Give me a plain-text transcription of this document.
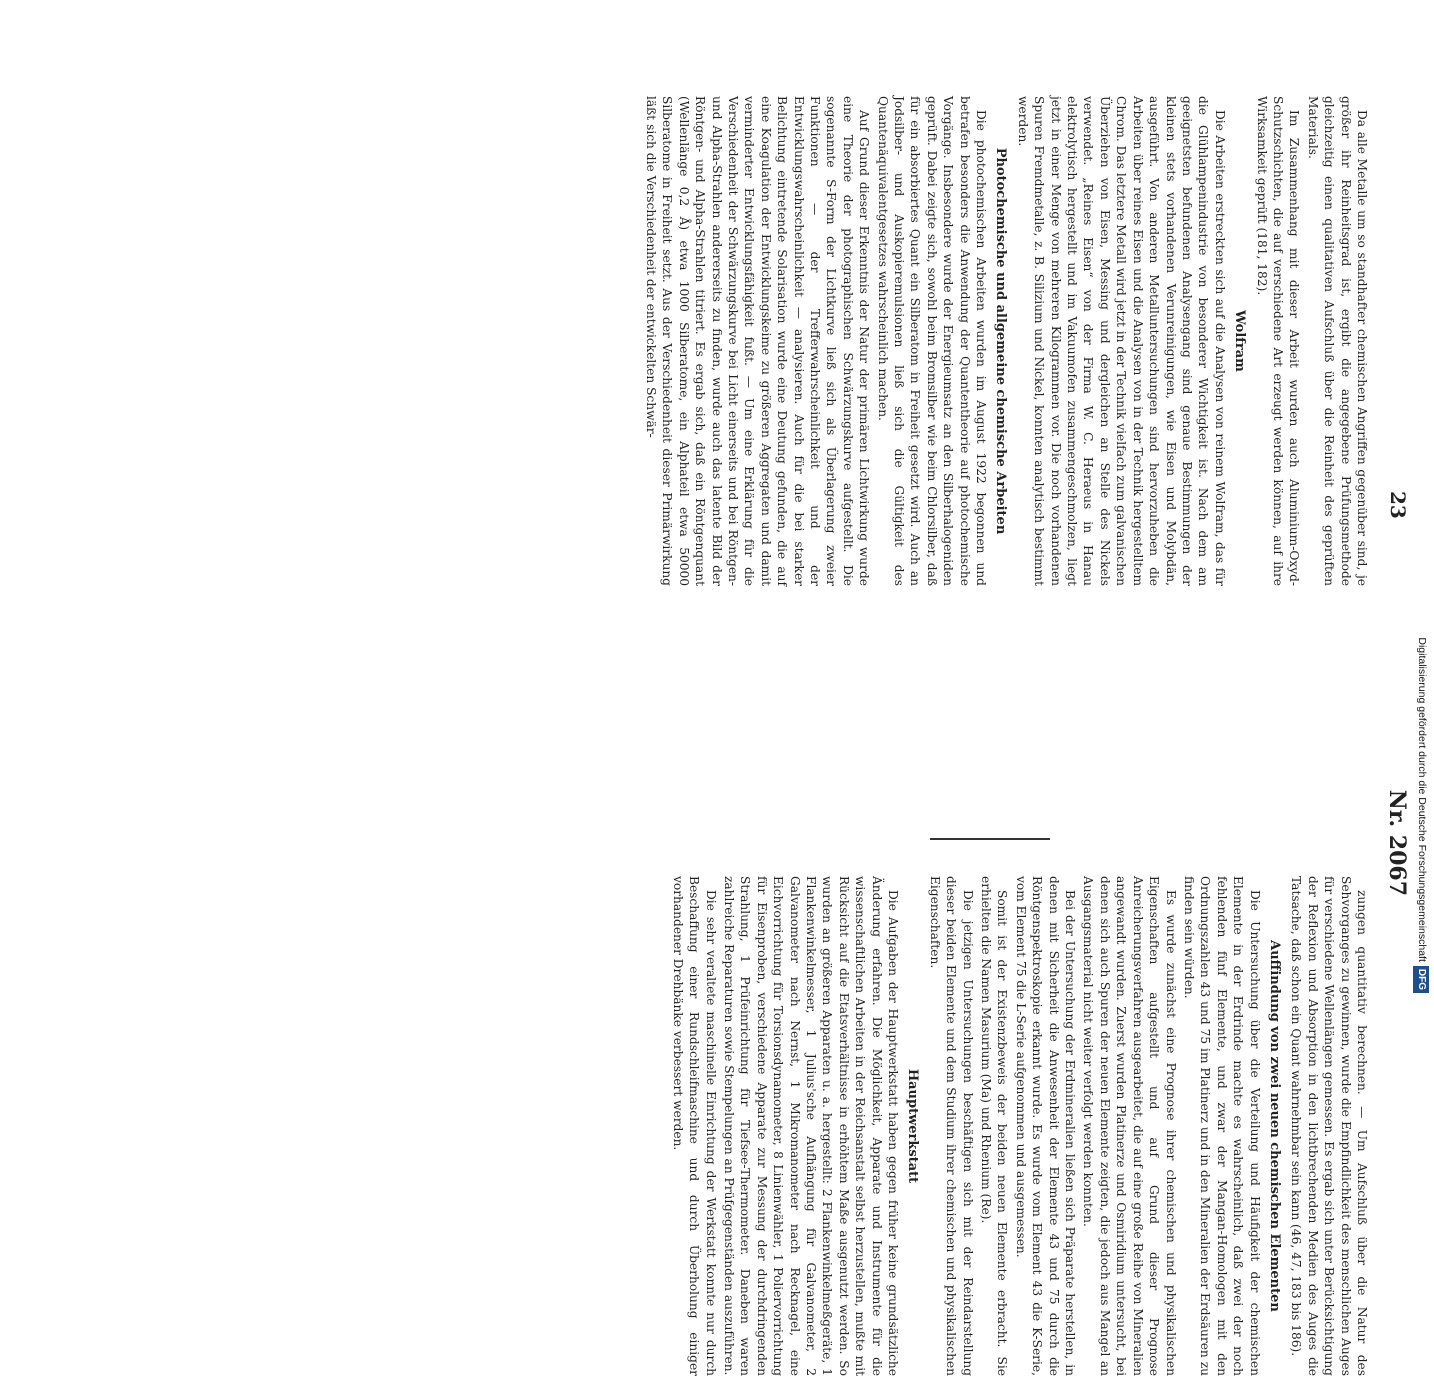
23
Nr. 2067

Da alle Metalle um so standhafter chemischen Angriffen gegenüber sind, je größer ihr Reinheitsgrad ist, ergibt die angegebene Prüfungsmethode gleichzeitig einen qualitativen Aufschluß über die Reinheit des geprüften Materials.

Im Zusammenhang mit dieser Arbeit wurden auch Aluminium-Oxyd-Schutzschichten, die auf verschiedene Art erzeugt werden können, auf ihre Wirksamkeit geprüft (181, 182).

Wolfram

Die Arbeiten erstreckten sich auf die Analysen von reinem Wolfram, das für die Glühlampenindustrie von besonderer Wichtigkeit ist. Nach dem am geeignetsten befundenen Analysengang sind genaue Bestimmungen der kleinen stets vorhandenen Verunreinigungen, wie Eisen und Molybdän, ausgeführt. Von anderen Metalluntersuchungen sind hervorzuheben die Arbeiten über reines Eisen und die Analysen von in der Technik hergestelltem Chrom. Das letztere Metall wird jetzt in der Technik vielfach zum galvanischen Überziehen von Eisen, Messing und dergleichen an Stelle des Nickels verwendet. „Reines Eisen“ von der Firma W. C. Heraeus in Hanau elektrolytisch hergestellt und im Vakuumofen zusammengeschmolzen, liegt jetzt in einer Menge von mehreren Kilogrammen vor. Die noch vorhandenen Spuren Fremdmetalle, z. B. Silizium und Nickel, konnten analytisch bestimmt werden.

Photochemische und allgemeine chemische Arbeiten

Die photochemischen Arbeiten wurden im August 1922 begonnen und betrafen besonders die Anwendung der Quantentheorie auf photochemische Vorgänge. Insbesondere wurde der Energieumsatz an den Silberhalogeniden geprüft. Dabei zeigte sich, sowohl beim Bromsilber wie beim Chlorsilber, daß für ein absorbiertes Quant ein Silberatom in Freiheit gesetzt wird. Auch an Jodsilber- und Auskopieremulsionen ließ sich die Gültigkeit des Quantenäquivalentgesetzes wahrscheinlich machen.

Auf Grund dieser Erkenntnis der Natur der primären Lichtwirkung wurde eine Theorie der photographischen Schwärzungskurve aufgestellt. Die sogenannte S-Form der Lichtkurve ließ sich als Überlagerung zweier Funktionen — der Trefferwahrscheinlichkeit und der Entwicklungswahrscheinlichkeit — analysieren. Auch für die bei starker Belichtung eintretende Solarisation wurde eine Deutung gefunden, die auf eine Koagulation der Entwicklungskeime zu größeren Aggregaten und damit verminderter Entwicklungsfähigkeit fußt. — Um eine Erklärung für die Verschiedenheit der Schwärzungskurve bei Licht einerseits und bei Röntgen- und Alpha-Strahlen andererseits zu finden, wurde auch das latente Bild der Röntgen- und Alpha-Strahlen titriert. Es ergab sich, daß ein Röntgenquant (Wellenlänge 0,2 Å) etwa 1000 Silberatome, ein Alphateil etwa 50000 Silberatome in Freiheit setzt. Aus der Verschiedenheit dieser Primärwirkung läßt sich die Verschiedenheit der entwickelten Schwär-

zungen quantitativ berechnen. — Um Aufschluß über die Natur des Sehvorganges zu gewinnen, wurde die Empfindlichkeit des menschlichen Auges für verschiedene Wellenlängen gemessen. Es ergab sich unter Berücksichtigung der Reflexion und Absorption in den lichtbrechenden Medien des Auges die Tatsache, daß schon ein Quant wahrnehmbar sein kann (46, 47, 183 bis 186).

Auffindung von zwei neuen chemischen Elementen

Die Untersuchung über die Verteilung und Häufigkeit der chemischen Elemente in der Erdrinde machte es wahrscheinlich, daß zwei der noch fehlenden fünf Elemente, und zwar der Mangan-Homologen mit den Ordnungszahlen 43 und 75 im Platinerz und in den Mineralien der Erdsäuren zu finden sein würden.

Es wurde zunächst eine Prognose ihrer chemischen und physikalischen Eigenschaften aufgestellt und auf Grund dieser Prognose Anreicherungsverfahren ausgearbeitet, die auf eine große Reihe von Mineralien angewandt wurden. Zuerst wurden Platinerze und Osmiridium untersucht, bei denen sich auch Spuren der neuen Elemente zeigten, die jedoch aus Mangel an Ausgangsmaterial nicht weiter verfolgt werden konnten.

Bei der Untersuchung der Erdmineralien ließen sich Präparate herstellen, in denen mit Sicherheit die Anwesenheit der Elemente 43 und 75 durch die Röntgenspektroskopie erkannt wurde. Es wurde vom Element 43 die K-Serie, vom Element 75 die L-Serie aufgenommen und ausgemessen.

Somit ist der Existenzbeweis der beiden neuen Elemente erbracht. Sie erhielten die Namen Masurium (Ma) und Rhenium (Re).

Die jetzigen Untersuchungen beschäftigen sich mit der Reindarstellung dieser beiden Elemente und dem Studium ihrer chemischen und physikalischen Eigenschaften.

Hauptwerkstatt

Die Aufgaben der Hauptwerkstatt haben gegen früher keine grundsätzliche Änderung erfahren. Die Möglichkeit, Apparate und Instrumente für die wissenschaftlichen Arbeiten in der Reichsanstalt selbst herzustellen, mußte mit Rücksicht auf die Etatsverhältnisse in erhöhtem Maße ausgenutzt werden. So wurden an größeren Apparaten u. a. hergestellt: 2 Flankenwinkelmeßgeräte, 1 Flankenwinkelmesser, 1 Julius'sche Aufhängung für Galvanometer, 2 Galvanometer nach Nernst, 1 Mikromanometer nach Recknagel, eine Eichvorrichtung für Torsionsdynamometer, 8 Linienwähler, 1 Poliervorrichtung für Eisenproben, verschiedene Apparate zur Messung der durchdringenden Strahlung, 1 Prüfeinrichtung für Tiefsee-Thermometer. Daneben waren zahlreiche Reparaturen sowie Stempelungen an Prüfgegenständen auszuführen.

Die sehr veraltete maschinelle Einrichtung der Werkstatt konnte nur durch Beschaffung einer Rundschleifmaschine und durch Überholung einiger vorhandener Drehbänke verbessert werden.

Digitalisierung gefördert durch die Deutsche ForschungsgemeinschaftDFG
